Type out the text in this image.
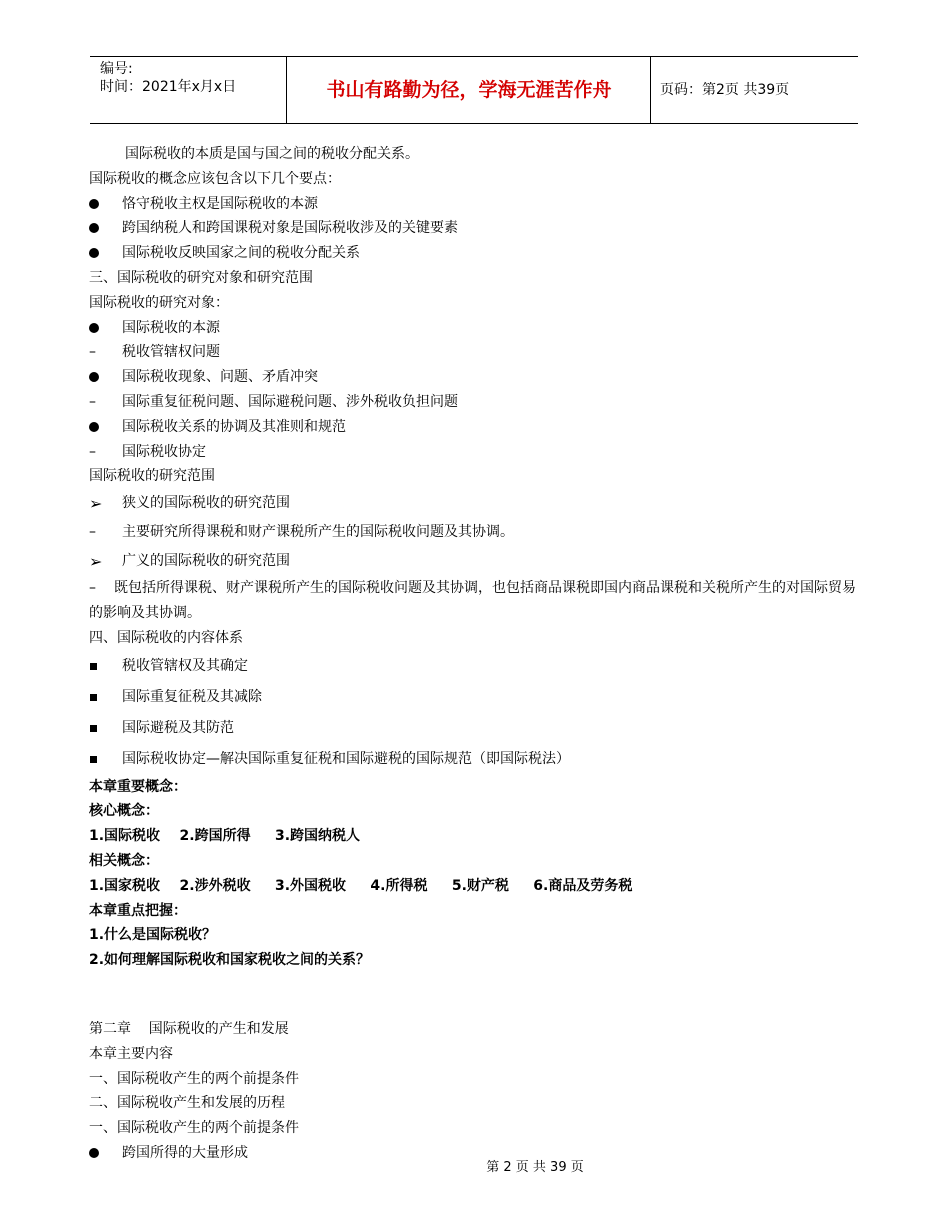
编号:
时间：2021年x月x日	书山有路勤为径，学海无涯苦作舟	页码：第2页 共39页
国际税收的本质是国与国之间的税收分配关系。
国际税收的概念应该包含以下几个要点：
恪守税收主权是国际税收的本源
跨国纳税人和跨国课税对象是国际税收涉及的关键要素
国际税收反映国家之间的税收分配关系
三、国际税收的研究对象和研究范围
国际税收的研究对象：
国际税收的本源
–	税收管辖权问题
国际税收现象、问题、矛盾冲突
–	国际重复征税问题、国际避税问题、涉外税收负担问题
国际税收关系的协调及其准则和规范
–	国际税收协定
国际税收的研究范围
➢	狭义的国际税收的研究范围
–	主要研究所得课税和财产课税所产生的国际税收问题及其协调。
➢	广义的国际税收的研究范围
– 既包括所得课税、财产课税所产生的国际税收问题及其协调，也包括商品课税即国内商品课税和关税所产生的对国际贸易的影响及其协调。
四、国际税收的内容体系
税收管辖权及其确定
国际重复征税及其减除
国际避税及其防范
国际税收协定—解决国际重复征税和国际避税的国际规范（即国际税法）
本章重要概念：
核心概念：
1.国际税收    2.跨国所得     3.跨国纳税人
相关概念：
1.国家税收    2.涉外税收     3.外国税收     4.所得税     5.财产税     6.商品及劳务税
本章重点把握：
1.什么是国际税收？
2.如何理解国际税收和国家税收之间的关系？
第二章    国际税收的产生和发展
本章主要内容
一、国际税收产生的两个前提条件
二、国际税收产生和发展的历程
一、国际税收产生的两个前提条件
跨国所得的大量形成
第 2 页 共 39 页
